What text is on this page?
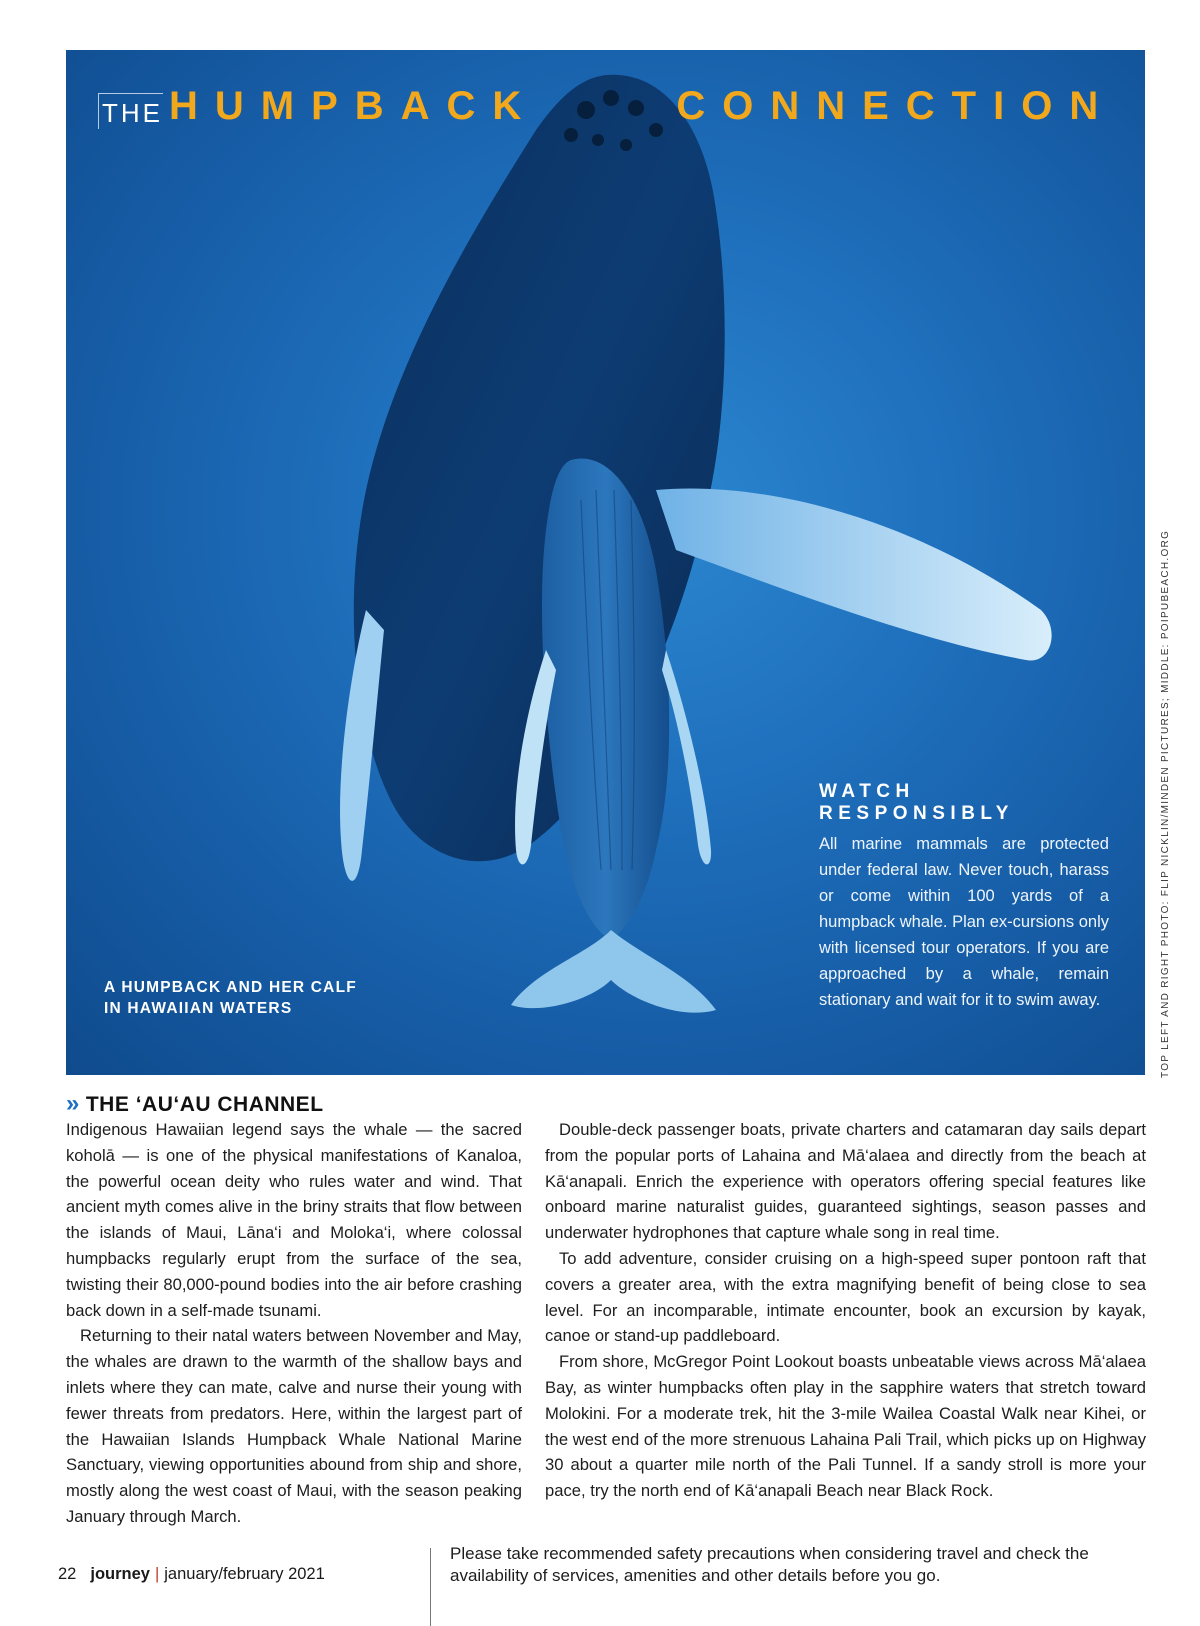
THE HUMPBACK	CONNECTION
A HUMPBACK AND HER CALF
IN HAWAIIAN WATERS
WATCH RESPONSIBLY
All marine mammals are protected under federal law. Never touch, harass or come within 100 yards of a humpback whale. Plan ex-cursions only with licensed tour operators. If you are approached by a whale, remain stationary and wait for it to swim away.	TOP LEFT AND RIGHT PHOTO: FLIP NICKLIN/MINDEN PICTURES; MIDDLE: POIPUBEACH.ORG
» THE ‘AU‘AU CHANNEL

Indigenous Hawaiian legend says the whale — the sacred koholā — is one of the physical manifestations of Kanaloa, the powerful ocean deity who rules water and wind. That ancient myth comes alive in the briny straits that flow between the islands of Maui, Lāna‘i and Moloka‘i, where colossal humpbacks regularly erupt from the surface of the sea, twisting their 80,000-pound bodies into the air before crashing back down in a self-made tsunami.

Returning to their natal waters between November and May, the whales are drawn to the warmth of the shallow bays and inlets where they can mate, calve and nurse their young with fewer threats from predators. Here, within the largest part of the Hawaiian Islands Humpback Whale National Marine Sanctuary, viewing opportunities abound from ship and shore, mostly along the west coast of Maui, with the season peaking January through March.

Double-deck passenger boats, private charters and catamaran day sails depart from the popular ports of Lahaina and Mā‘alaea and directly from the beach at Kā‘anapali. Enrich the experience with operators offering special features like onboard marine naturalist guides, guaranteed sightings, season passes and underwater hydrophones that capture whale song in real time.

To add adventure, consider cruising on a high-speed super pontoon raft that covers a greater area, with the extra magnifying benefit of being close to sea level. For an incomparable, intimate encounter, book an excursion by kayak, canoe or stand-up paddleboard.

From shore, McGregor Point Lookout boasts unbeatable views across Mā‘alaea Bay, as winter humpbacks often play in the sapphire waters that stretch toward Molokini. For a moderate trek, hit the 3-mile Wailea Coastal Walk near Kihei, or the west end of the more strenuous Lahaina Pali Trail, which picks up on Highway 30 about a quarter mile north of the Pali Tunnel. If a sandy stroll is more your pace, try the north end of Kā‘anapali Beach near Black Rock.

22 journey | january/february 2021
Please take recommended safety precautions when considering travel and check the availability of services, amenities and other details before you go.
